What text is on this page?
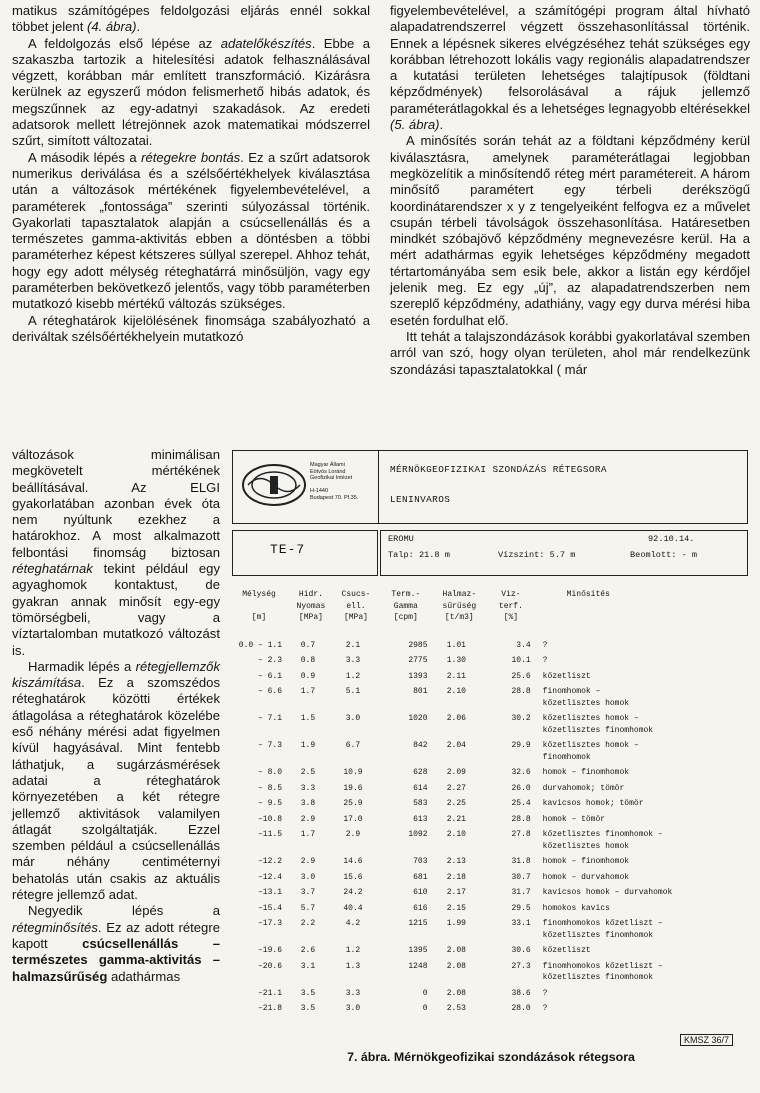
matikus számítógépes feldolgozási eljárás ennél sokkal többet jelent (4. ábra).

A feldolgozás első lépése az adatelőkészítés. Ebbe a szakaszba tartozik a hitelesítési adatok felhasználásával végzett, korábban már említett transzformáció. Kizárásra kerülnek az egyszerű módon felismerhető hibás adatok, és megszűnnek az egy-adatnyi szakadások. Az eredeti adatsorok mellett létrejönnek azok matematikai módszerrel szűrt, simított változatai.

A második lépés a rétegekre bontás. Ez a szűrt adatsorok numerikus deriválása és a szélsőértékhelyek kiválasztása után a változások mértékének figyelembevételével, a paraméterek „fontossága” szerinti súlyozással történik. Gyakorlati tapasztalatok alapján a csúcsellenállás és a természetes gamma-aktivitás ebben a döntésben a többi paraméterhez képest kétszeres súllyal szerepel. Ahhoz tehát, hogy egy adott mélység réteghatárrá minősüljön, vagy egy paraméterben bekövetkező jelentős, vagy több paraméterben mutatkozó kisebb mértékű változás szükséges.

A réteghatárok kijelölésének finomsága szabályozható a deriváltak szélsőértékhelyein mutatkozó

változások minimálisan megkövetelt mértékének beállításával. Az ELGI gyakorlatában azonban évek óta nem nyúltunk ezekhez a határokhoz. A most alkalmazott felbontási finomság biztosan réteghatárnak tekint például egy agyaghomok kontaktust, de gyakran annak minősít egy-egy tömörségbeli, vagy a víztartalomban mutatkozó változást is.

Harmadik lépés a rétegjellemzők kiszámítása. Ez a szomszédos réteghatárok közötti értékek átlagolása a réteghatárok közelébe eső néhány mérési adat figyelmen kívül hagyásával. Mint fentebb láthatjuk, a sugárzásmérések adatai a réteghatárok környezetében a két rétegre jellemző aktivitások valamilyen átlagát szolgáltatják. Ezzel szemben például a csúcsellenállás már néhány centiméternyi behatolás után csakis az aktuális rétegre jellemző adat.

Negyedik lépés a rétegminősítés. Ez az adott rétegre kapott csúcsellenállás – természetes gamma-aktivitás – halmazsűrűség adathármas

figyelembevételével, a számítógépi program által hívható alapadatrendszerrel végzett összehasonlítással történik. Ennek a lépésnek sikeres elvégzéséhez tehát szükséges egy korábban létrehozott lokális vagy regionális alapadatrendszer a kutatási területen lehetséges talajtípusok (földtani képződmények) felsorolásával a rájuk jellemző paraméterátlagokkal és a lehetséges legnagyobb eltérésekkel (5. ábra).

A minősítés során tehát az a földtani képződmény kerül kiválasztásra, amelynek paraméterátlagai legjobban megközelítik a minősítendő réteg mért paramétereit. A három minősítő paramétert egy térbeli derékszögű koordinátarendszer x y z tengelyeiként felfogva ez a művelet csupán térbeli távolságok összehasonlítása. Határesetben mindkét szóbajövő képződmény megnevezésre kerül. Ha a mért adathármas egyik lehetséges képződmény megadott tértartományába sem esik bele, akkor a listán egy kérdőjel jelenik meg. Ez egy „új”, az alapadatrendszerben nem szereplő képződmény, adathiány, vagy egy durva mérési hiba esetén fordulhat elő.

Itt tehát a talajszondázások korábbi gyakorlatával szemben arról van szó, hogy olyan területen, ahol már rendelkezünk szondázási tapasztalatokkal ( már

Magyar Állami
Eötvös Loránd
Geofizikai Intézet

H-1440
Budapest 70. Pf.35.
MÉRNÖKGEOFIZIKAI SZONDÁZÁS RÉTEGSORA
LENINVAROS
TE-7
EROMU	92.10.14.
Talp: 21.8 m	Vízszint: 5.7 m	Beomlott: - m
Mélység	Hidr.	Csucs-	Term.-	Halmaz-	Viz-	Minősítés
	Nyomas	ell.	Gamma	sűrűség	terf.	
[m]	[MPa]	[MPa]	[cpm]	[t/m3]	[%]	
0.0 – 1.1	0.7	2.1	2985	1.01	3.4	?
– 2.3	0.8	3.3	2775	1.30	10.1	?
– 6.1	0.9	1.2	1393	2.11	25.6	kőzetliszt
– 6.6	1.7	5.1	801	2.10	28.8	finomhomok –
						kőzetlisztes homok
– 7.1	1.5	3.0	1020	2.06	30.2	kőzetlisztes homok –
						kőzetlisztes finomhomok
– 7.3	1.9	6.7	842	2.04	29.9	kőzetlisztes homok –
						finomhomok
– 8.0	2.5	10.9	628	2.09	32.6	homok – finomhomok
– 8.5	3.3	19.6	614	2.27	26.0	durvahomok; tömör
– 9.5	3.8	25.9	583	2.25	25.4	kavicsos homok; tömör
–10.8	2.9	17.0	613	2.21	28.8	homok – tömör
–11.5	1.7	2.9	1092	2.10	27.8	kőzetlisztes finomhomok –
						kőzetlisztes homok
–12.2	2.9	14.6	703	2.13	31.8	homok – finomhomok
–12.4	3.0	15.6	681	2.18	30.7	homok – durvahomok
–13.1	3.7	24.2	610	2.17	31.7	kavicsos homok – durvahomok
–15.4	5.7	40.4	616	2.15	29.5	homokos kavics
–17.3	2.2	4.2	1215	1.99	33.1	finomhomokos kőzetliszt –
						kőzetlisztes finomhomok
–19.6	2.6	1.2	1395	2.08	30.6	kőzetliszt
–20.6	3.1	1.3	1248	2.08	27.3	finomhomokos kőzetliszt –
						kőzetlisztes finomhomok
–21.1	3.5	3.3	0	2.08	38.6	?
–21.8	3.5	3.0	0	2.53	28.0	?
KMSZ 36/7
7. ábra. Mérnökgeofizikai szondázások rétegsora
